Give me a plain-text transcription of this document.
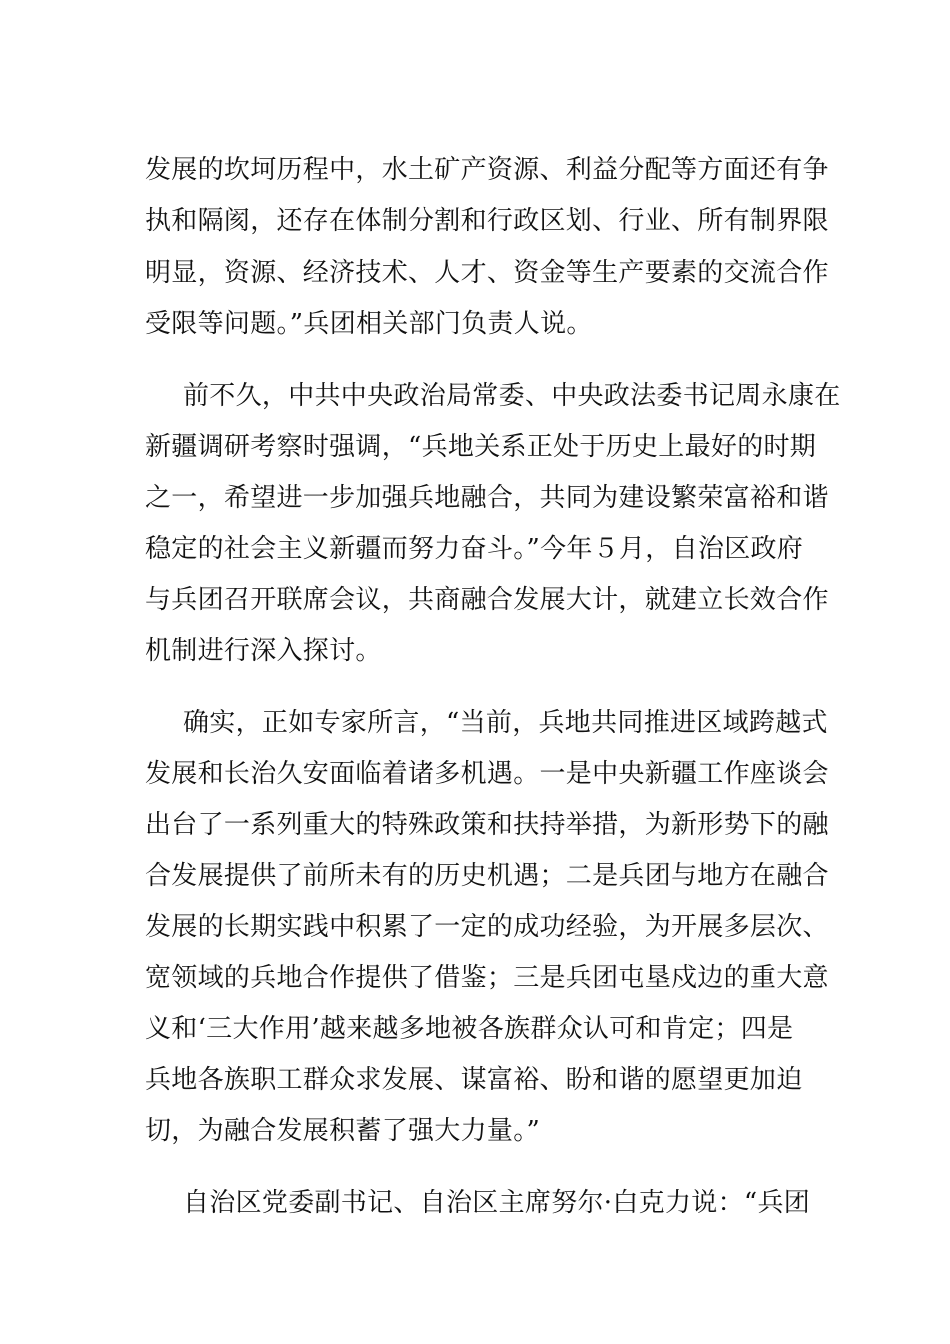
发展的坎坷历程中，水土矿产资源、利益分配等方面还有争
执和隔阂，还存在体制分割和行政区划、行业、所有制界限
明显，资源、经济技术、人才、资金等生产要素的交流合作
受限等问题。”兵团相关部门负责人说。
前不久，中共中央政治局常委、中央政法委书记周永康在
新疆调研考察时强调，“兵地关系正处于历史上最好的时期
之一，希望进一步加强兵地融合，共同为建设繁荣富裕和谐
稳定的社会主义新疆而努力奋斗。”今年５月，自治区政府
与兵团召开联席会议，共商融合发展大计，就建立长效合作
机制进行深入探讨。
确实，正如专家所言，“当前，兵地共同推进区域跨越式
发展和长治久安面临着诸多机遇。一是中央新疆工作座谈会
出台了一系列重大的特殊政策和扶持举措，为新形势下的融
合发展提供了前所未有的历史机遇；二是兵团与地方在融合
发展的长期实践中积累了一定的成功经验，为开展多层次、
宽领域的兵地合作提供了借鉴；三是兵团屯垦戍边的重大意
义和‘三大作用’越来越多地被各族群众认可和肯定；四是
兵地各族职工群众求发展、谋富裕、盼和谐的愿望更加迫
切，为融合发展积蓄了强大力量。”
自治区党委副书记、自治区主席努尔·白克力说：“兵团
